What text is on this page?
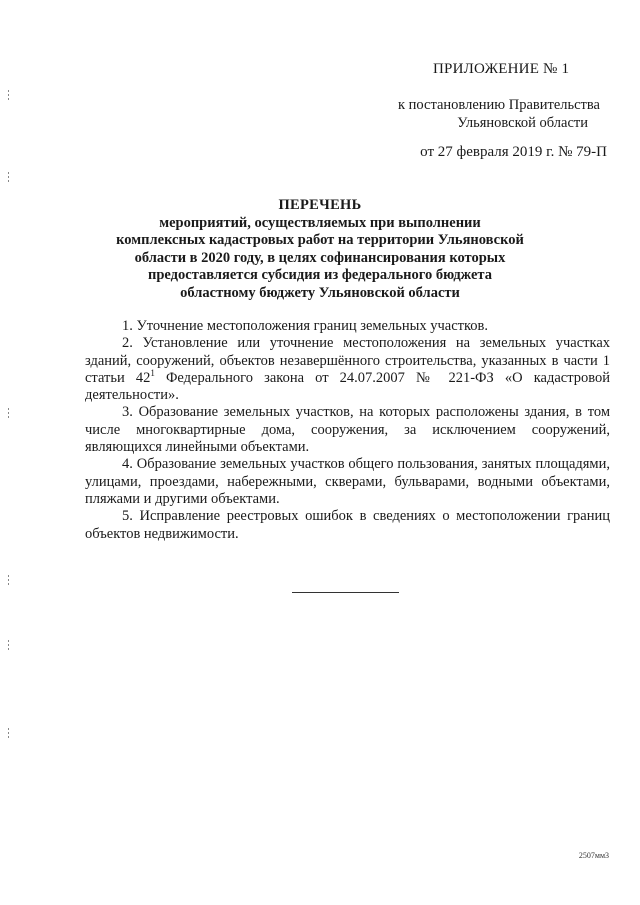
ПРИЛОЖЕНИЕ № 1
к постановлению Правительства

Ульяновской области
от 27 февраля 2019 г. № 79-П
ПЕРЕЧЕНЬ
мероприятий, осуществляемых при выполнении
комплексных кадастровых работ на территории Ульяновской
области в 2020 году, в целях софинансирования которых
предоставляется субсидия из федерального бюджета
областному бюджету Ульяновской области

1. Уточнение местоположения границ земельных участков.

2. Установление или уточнение местоположения на земельных участках зданий, сооружений, объектов незавершённого строительства, указанных в части 1 статьи $42^1$ Федерального закона от 24.07.2007 № 221-ФЗ «О кадастровой деятельности».

3. Образование земельных участков, на которых расположены здания, в том числе многоквартирные дома, сооружения, за исключением сооружений, являющихся линейными объектами.

4. Образование земельных участков общего пользования, занятых площадями, улицами, проездами, набережными, скверами, бульварами, водными объектами, пляжами и другими объектами.

5. Исправление реестровых ошибок в сведениях о местоположении границ объектов недвижимости.

2507мм3
